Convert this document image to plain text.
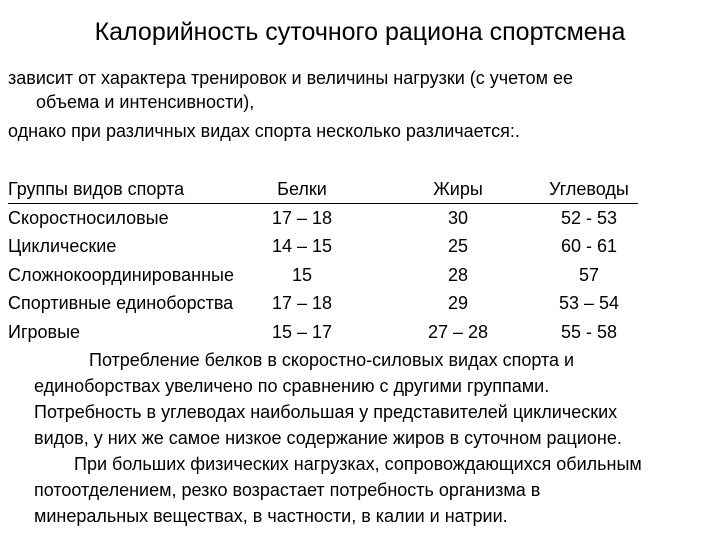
Калорийность суточного рациона спортсмена

зависит от характера тренировок и величины нагрузки (с учетом ее

объема и интенсивности),

однако при различных видах спорта несколько различается:.

Группы видов спорта	Белки	Жиры	Углеводы
Скоростносиловые	17 – 18	30	52 - 53
Циклические	14 – 15	25	60 - 61
Сложнокоординированные	15	28	57
Спортивные единоборства	17 – 18	29	53 – 54
Игровые	15 – 17	27 – 28	55 - 58

Потребление белков в скоростно-силовых видах спорта и

единоборствах увеличено по сравнению с другими группами.

Потребность в углеводах наибольшая у представителей циклических

видов, у них же самое низкое содержание жиров в суточном рационе.

При больших физических нагрузках, сопровождающихся обильным

потоотделением, резко возрастает потребность организма в

минеральных веществах, в частности, в калии и натрии.
